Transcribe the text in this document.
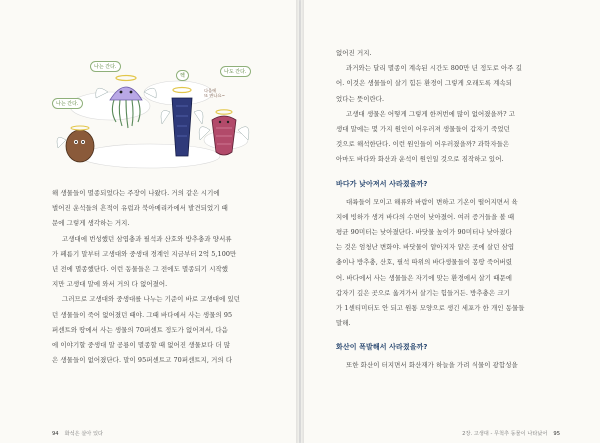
나는 간다.
나는 간다.
헥
나도 간다.
다음에
또 만나요~

해 생물들이 멸종되었다는 주장이 나왔다. 거의 같은 시기에

벌어진 운석들의 흔적이 유럽과 북아메리카에서 발견되었기 때

문에 그렇게 생각하는 거지.

고생대에 번성했던 삼엽충과 필석과 산호와 방추충과 양서류

가 페름기 말부터 고생대와 중생대 경계인 지금부터 2억 5,100만

년 전에 멸종했단다. 이런 동물들은 그 전에도 멸종되기 시작했

지만 고생대 말에 와서 거의 다 없어졌어.

그러므로 고생대와 중생대를 나누는 기준이 바로 고생대에 있던

던 생물들이 죽어 없어졌던 때야. 그때 바다에서 사는 생물의 95

퍼센트와 땅에서 사는 생물의 70퍼센트 정도가 없어져서, 다음

에 이야기할 중생대 말 공룡이 멸종할 때 없어진 생물보다 더 많

은 생물들이 없어졌단다. 말이 95퍼센트고 70퍼센트지, 거의 다

94 화석은 살아 있다

없어진 거지.

과거와는 달리 멸종이 계속된 시간도 800만 년 정도로 아주 길

어. 이것은 생물들이 살기 힘든 환경이 그렇게 오래도록 계속되

었다는 뜻이란다.

고생대 생물은 어떻게 그렇게 한꺼번에 많이 없어졌을까? 고

생대 말에는 몇 가지 원인이 어우러져 생물들이 갑자기 죽었던

것으로 해석한단다. 이런 원인들이 어우러졌을까? 과학자들은

아마도 바다와 화산과 운석이 원인일 것으로 짐작하고 있어.

바다가 낮아져서 사라졌을까?

대륙들이 모이고 해류와 바람이 변하고 기온이 떨어지면서 육

지에 빙하가 생겨 바다의 수면이 낮아졌어. 여러 증거들을 볼 때

평균 90미터는 낮아졌단다. 바닷물 높이가 90미터나 낮아졌다

는 것은 엄청난 변화야. 바닷물이 얕아지자 얕은 곳에 살던 삼엽

충이나 방추충, 산호, 필석 따위의 바다생물들이 몽땅 죽어버렸

어. 바다에서 사는 생물들은 자기에 맞는 환경에서 살기 때문에

갑자기 깊은 곳으로 옮겨가서 살기는 힘들거든. 방추충은 크기

가 1센티미터도 안 되고 원통 모양으로 생긴 세포가 한 개인 동물들

말해.

화산이 폭발해서 사라졌을까?

또한 화산이 터지면서 화산재가 하늘을 가려 식물이 광합성을

2장. 고생대 - 무척추 동물이 나타났어 95
